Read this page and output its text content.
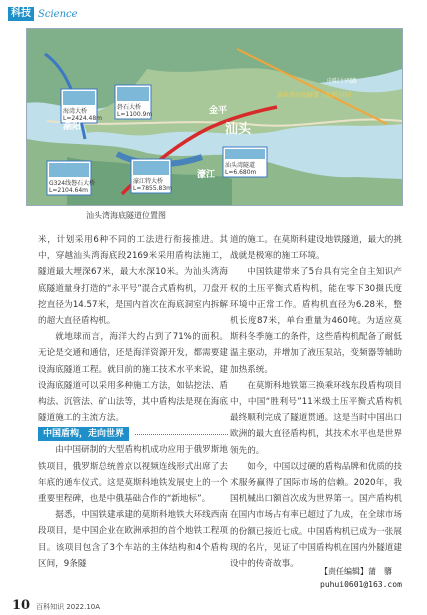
科技 Science
海湾大桥
L=2424.48m
礐石大桥
L=1100.9m
G324线磐石大桥
L=2104.64m
濠江特大桥
L=7855.83m
汕头湾隧道
L=6.680m
金平
汕头
濠江
潮阳
中阳十四路
汕头湾海底隧道（东西方向）
汕头湾海底隧道位置图

米，计划采用6种不同的工法进行衔接推进。其中，穿越汕头湾海底段2169米采用盾构法施工，隧道最大埋深67米，最大水深10米。为汕头湾海底隧道量身打造的“永平号”混合式盾构机，刀盘开挖直径为14.57米，是国内首次在海底洞室内拆解的超大直径盾构机。

就地球而言，海洋大约占到了71%的面积。无论是交通和通信，还是海洋资源开发，都需要建设海底隧道工程。就目前的施工技术水平来说，建设海底隧道可以采用多种施工方法，如钻挖法、盾构法、沉管法、矿山法等，其中盾构法是现在海底隧道施工的主流方法。

中国盾构，走向世界

由中国研制的大型盾构机成功应用于俄罗斯地铁项目，俄罗斯总统普京以视频连线形式出席了去年底的通车仪式。这是莫斯科地铁发展史上的一个重要里程碑，也是中俄基础合作的“新地标”。

据悉，中国铁建承建的莫斯科地铁大环线西南段项目，是中国企业在欧洲承担的首个地铁工程项目。该项目包含了3个车站的主体结构和4个盾构区间，9条隧

道的施工。在莫斯科建设地铁隧道，最大的挑战就是极寒的施工环境。

中国铁建带来了5台具有完全自主知识产权的土压平衡式盾构机，能在零下30摄氏度环境中正常工作。盾构机直径为6.28米，整机长度87米，单台重量为460吨。为适应莫斯科冬季施工的条件，这些盾构机配备了耐低温主驱动，并增加了液压泵站，变频器等辅助加热系统。

在莫斯科地铁第三换乘环线东段盾构项目中，中国“胜利号”11米级土压平衡式盾构机最终顺利完成了隧道贯通。这是当时中国出口欧洲的最大直径盾构机，其技术水平也是世界领先的。

如今，中国以过硬的盾构品牌和优质的技术服务赢得了国际市场的信赖。2020年，我国机械出口额首次成为世界第一。国产盾构机在国内市场占有率已超过了九成，在全球市场的份额已接近七成。中国盾构机已成为一张展现的名片，见证了中国盾构机在国内外隧道建设中的传奇故事。

【责任编辑】蒲　隳
puhui0601@163.com
10 百科知识 2022.10A
